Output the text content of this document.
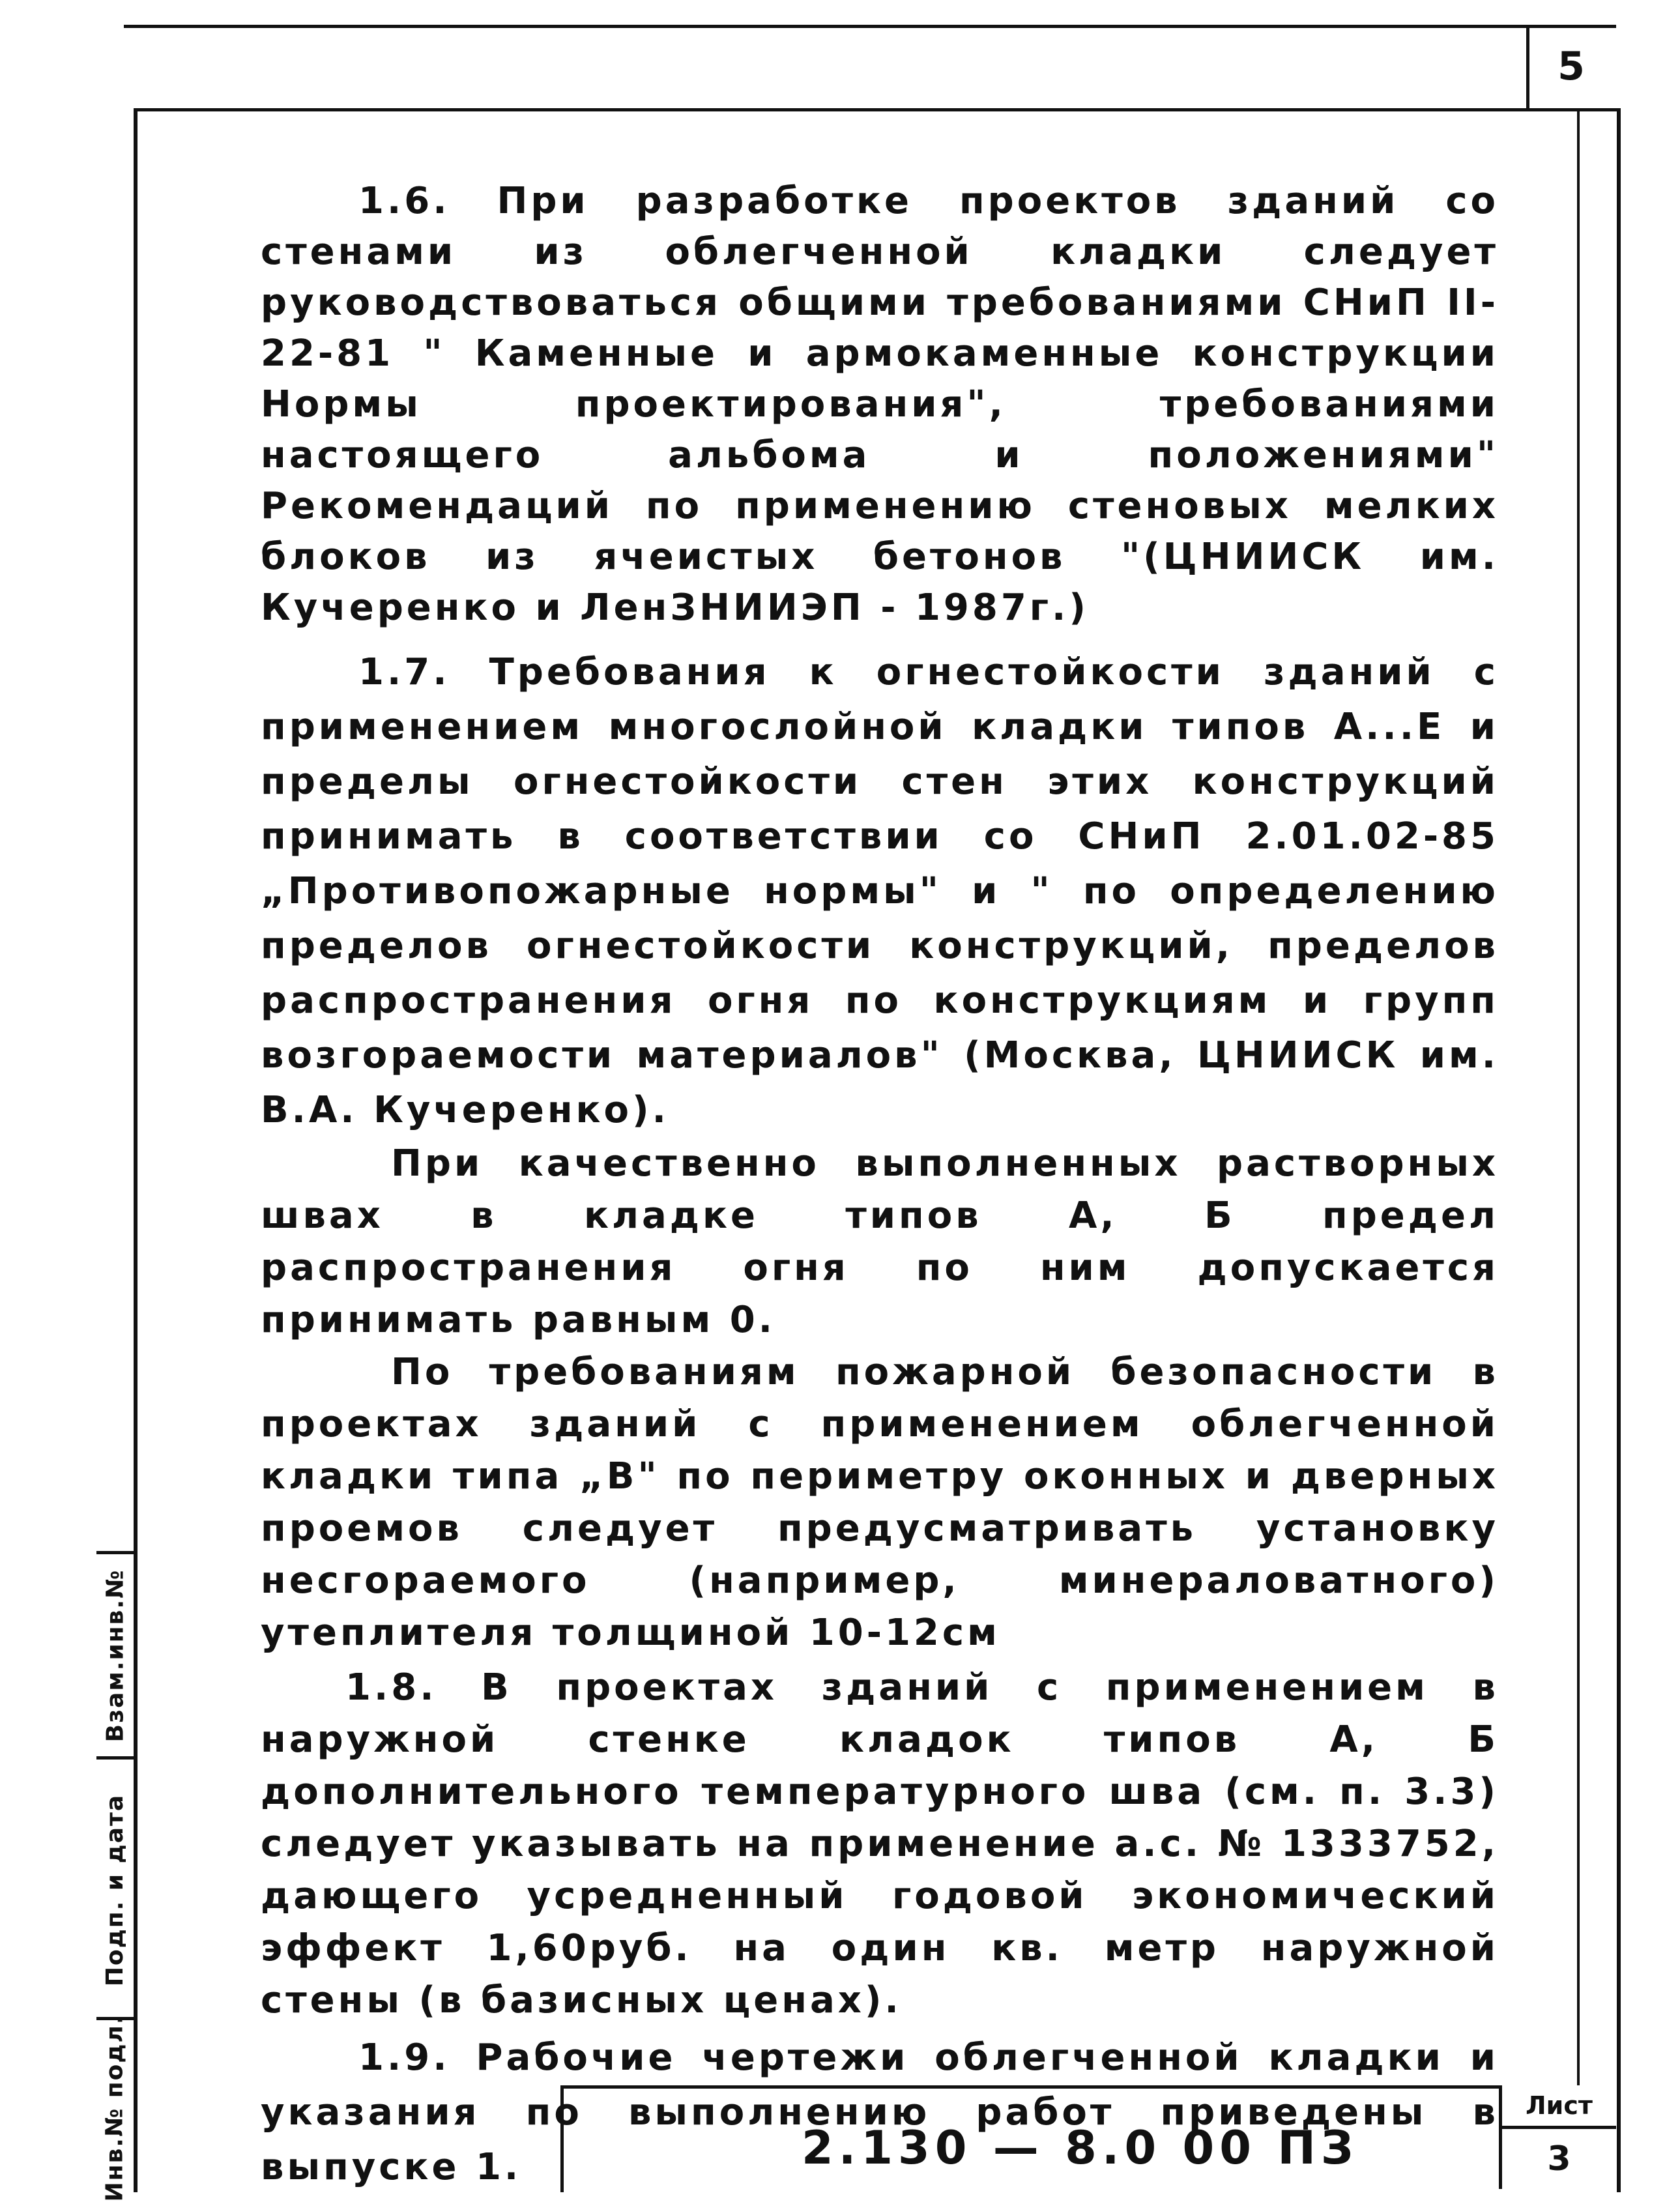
5

1.6. При разработке проектов зданий со стенами из облегченной кладки следует руководствоваться общими требованиями СНиП II-22-81 " Каменные и армокаменные конструкции Нормы проектирования", требованиями настоящего альбома и положениями" Рекомендаций по применению стеновых мелких блоков из ячеистых бетонов "(ЦНИИСК им. Кучеренко и ЛенЗНИИЭП - 1987г.)

1.7. Требования к огнестойкости зданий с применением многослойной кладки типов А...Е и пределы огнестойкости стен этих конструкций принимать в соответствии со СНиП 2.01.02-85 „Противопожарные нормы" и " по определению пределов огнестойкости конструкций, пределов распространения огня по конструкциям и групп возгораемости материалов" (Москва, ЦНИИСК им. В.А. Кучеренко).

При качественно выполненных растворных швах в кладке типов А, Б предел распространения огня по ним допускается принимать равным 0.

По требованиям пожарной безопасности в проектах зданий с применением облегченной кладки типа „В" по периметру оконных и дверных проемов следует предусматривать установку несгораемого (например, минераловатного) утеплителя толщиной 10-12см

1.8. В проектах зданий с применением в наружной стенке кладок типов А, Б дополнительного температурного шва (см. п. 3.3) следует указывать на применение а.с. № 1333752, дающего усредненный годовой экономический эффект 1,60руб. на один кв. метр наружной стены (в базисных ценах).

1.9. Рабочие чертежи облегченной кладки и указания по выполнению работ приведены в выпуске 1.

Взам.инв.№
Подп. и дата
Инв.№ подл.	2.130 — 8.0 00 ПЗ
Лист
3
